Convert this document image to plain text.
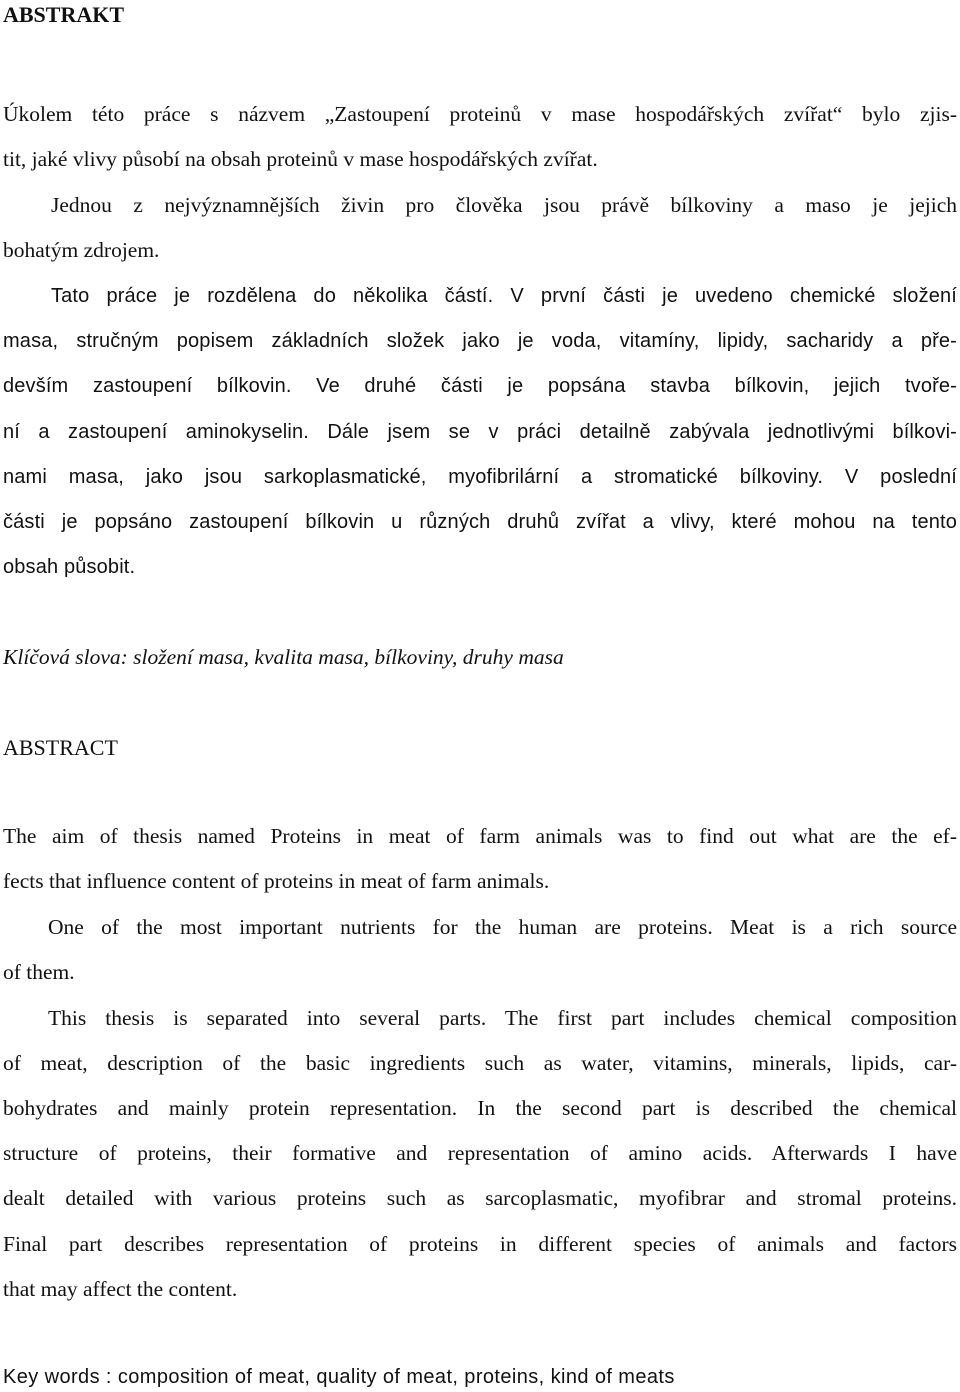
ABSTRAKT
Úkolem této práce s názvem „Zastoupení proteinů v mase hospodářských zvířat“ bylo zjis-
tit, jaké vlivy působí na obsah proteinů v mase hospodářských zvířat.
Jednou z nejvýznamnějších živin pro člověka jsou právě bílkoviny a maso je jejich
bohatým zdrojem.
Tato práce je rozdělena do několika částí. V první části je uvedeno chemické složení
masa, stručným popisem základních složek jako je voda, vitamíny, lipidy, sacharidy a pře-
devším zastoupení bílkovin. Ve druhé části je popsána stavba bílkovin, jejich tvoře-
ní a zastoupení aminokyselin. Dále jsem se v práci detailně zabývala jednotlivými bílkovi-
nami masa, jako jsou sarkoplasmatické, myofibrilární a stromatické bílkoviny. V poslední
části je popsáno zastoupení bílkovin u různých druhů zvířat a vlivy, které mohou na tento
obsah působit.
Klíčová slova: složení masa, kvalita masa, bílkoviny, druhy masa
ABSTRACT
The aim of thesis named Proteins in meat of farm animals was to find out what are the ef-
fects that influence content of proteins in meat of farm animals.
One of the most important nutrients for the human are proteins. Meat is a rich source
of them.
This thesis is separated into several parts. The first part includes chemical composition
of meat, description of the basic ingredients such as water, vitamins, minerals, lipids, car-
bohydrates and mainly protein representation. In the second part is described the chemical
structure of proteins, their formative and representation of amino acids. Afterwards I have
dealt detailed with various proteins such as sarcoplasmatic, myofibrar and stromal proteins.
Final part describes representation of proteins in different species of animals and factors
that may affect the content.
Key words : composition of meat, quality of meat, proteins, kind of meats
